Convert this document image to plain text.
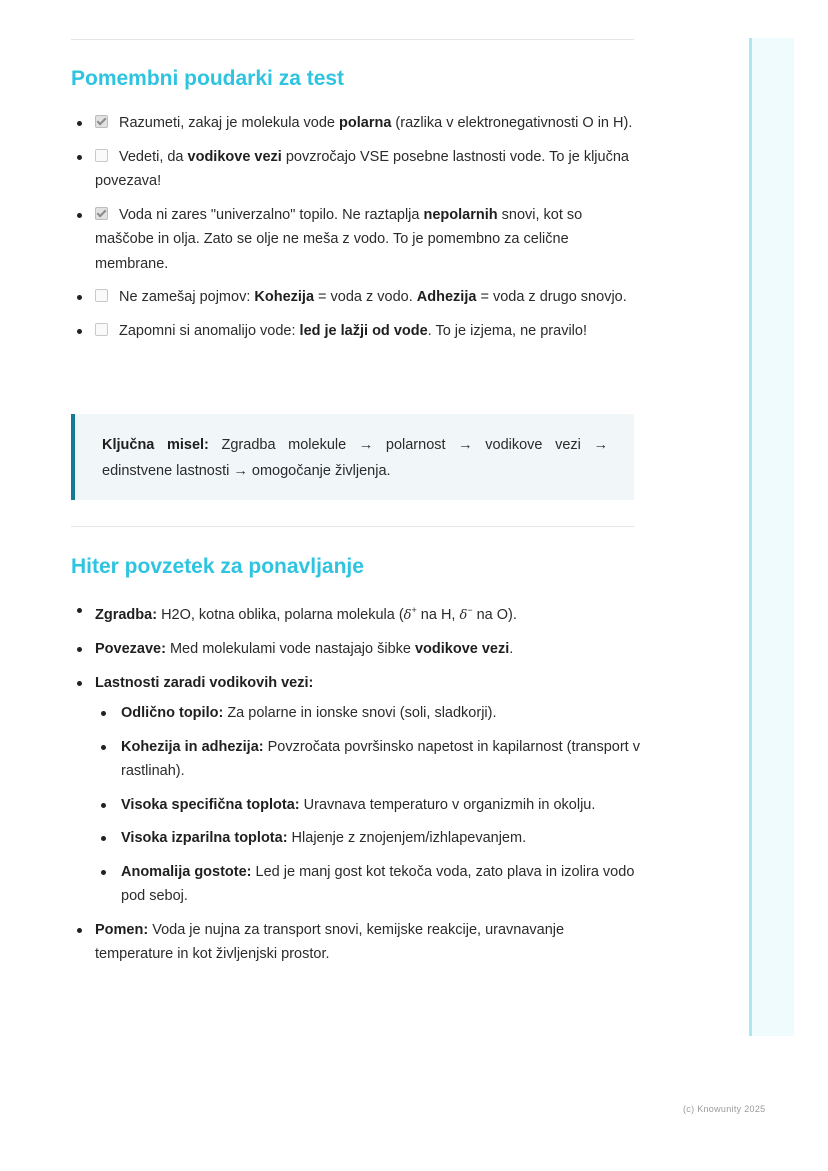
Pomembni poudarki za test
Razumeti, zakaj je molekula vode polarna (razlika v elektronegativnosti O in H).
Vedeti, da vodikove vezi povzročajo VSE posebne lastnosti vode. To je ključna povezava!
Voda ni zares "univerzalno" topilo. Ne raztaplja nepolarnih snovi, kot so maščobe in olja. Zato se olje ne meša z vodo. To je pomembno za celične membrane.
Ne zamešaj pojmov: Kohezija = voda z vodo. Adhezija = voda z drugo snovjo.
Zapomni si anomalijo vode: led je lažji od vode. To je izjema, ne pravilo!
Ključna misel: Zgradba molekule → polarnost → vodikove vezi →
edinstvene lastnosti → omogočanje življenja.
Hiter povzetek za ponavljanje
Zgradba: H2O, kotna oblika, polarna molekula (δ+ na H, δ− na O).
Povezave: Med molekulami vode nastajajo šibke vodikove vezi.
Lastnosti zaradi vodikovih vezi:
Odlično topilo: Za polarne in ionske snovi (soli, sladkorji).
Kohezija in adhezija: Povzročata površinsko napetost in kapilarnost (transport v rastlinah).
Visoka specifična toplota: Uravnava temperaturo v organizmih in okolju.
Visoka izparilna toplota: Hlajenje z znojenjem/izhlapevanjem.
Anomalija gostote: Led je manj gost kot tekoča voda, zato plava in izolira vodo pod seboj.
Pomen: Voda je nujna za transport snovi, kemijske reakcije, uravnavanje temperature in kot življenjski prostor.
(c) Knowunity 2025
